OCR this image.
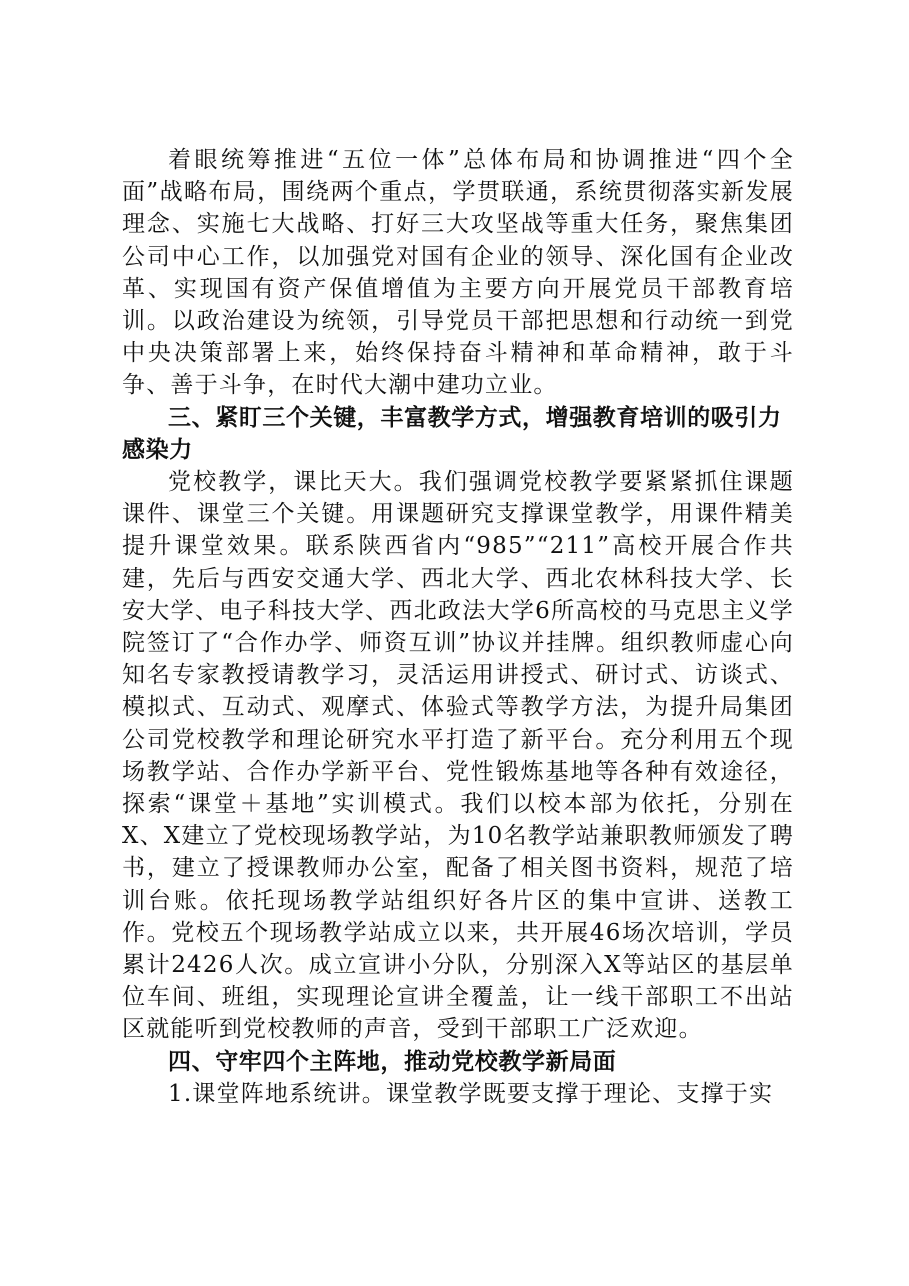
着眼统筹推进“五位一体”总体布局和协调推进“四个全面”战略布局，围绕两个重点，学贯联通，系统贯彻落实新发展理念、实施七大战略、打好三大攻坚战等重大任务，聚焦集团公司中心工作，以加强党对国有企业的领导、深化国有企业改革、实现国有资产保值增值为主要方向开展党员干部教育培训。以政治建设为统领，引导党员干部把思想和行动统一到党中央决策部署上来，始终保持奋斗精神和革命精神，敢于斗争、善于斗争，在时代大潮中建功立业。

三、紧盯三个关键，丰富教学方式，增强教育培训的吸引力感染力

党校教学，课比天大。我们强调党校教学要紧紧抓住课题课件、课堂三个关键。用课题研究支撑课堂教学，用课件精美提升课堂效果。联系陕西省内“985”“211”高校开展合作共建，先后与西安交通大学、西北大学、西北农林科技大学、长安大学、电子科技大学、西北政法大学6所高校的马克思主义学院签订了“合作办学、师资互训”协议并挂牌。组织教师虚心向知名专家教授请教学习，灵活运用讲授式、研讨式、访谈式、模拟式、互动式、观摩式、体验式等教学方法，为提升局集团公司党校教学和理论研究水平打造了新平台。充分利用五个现场教学站、合作办学新平台、党性锻炼基地等各种有效途径，探索“课堂＋基地”实训模式。我们以校本部为依托，分别在X、X建立了党校现场教学站，为10名教学站兼职教师颁发了聘书，建立了授课教师办公室，配备了相关图书资料，规范了培训台账。依托现场教学站组织好各片区的集中宣讲、送教工作。党校五个现场教学站成立以来，共开展46场次培训，学员累计2426人次。成立宣讲小分队，分别深入X等站区的基层单位车间、班组，实现理论宣讲全覆盖，让一线干部职工不出站区就能听到党校教师的声音，受到干部职工广泛欢迎。

四、守牢四个主阵地，推动党校教学新局面

1.课堂阵地系统讲。课堂教学既要支撑于理论、支撑于实
